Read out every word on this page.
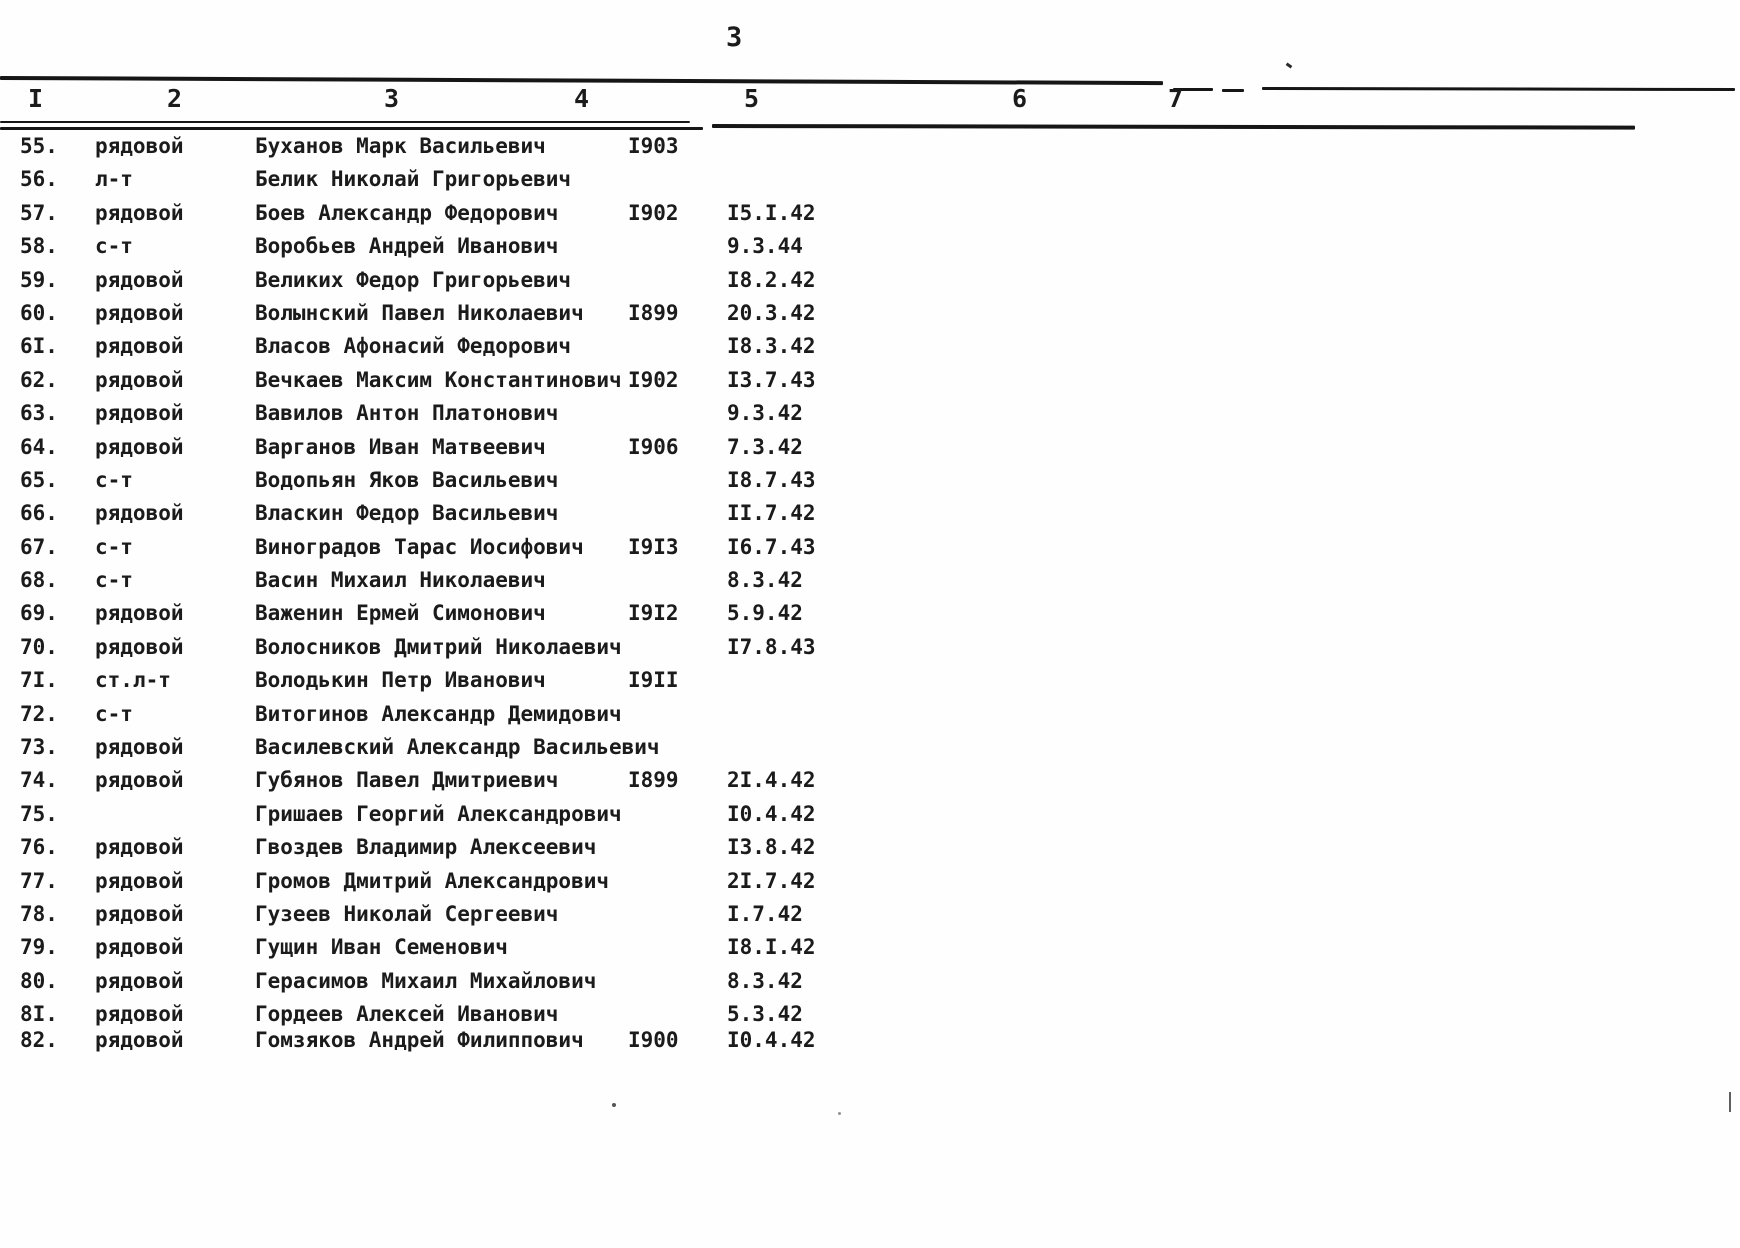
3
I	2	3	4	5	6	7
55. рядовой	Буханов Марк Васильевич	I903
56. л-т	Белик Николай Григорьевич
57. рядовой	Боев Александр Федорович	I902 I5.I.42
58. с-т	Воробьев Андрей Иванович	9.3.44
59. рядовой	Великих Федор Григорьевич	I8.2.42
60. рядовой	Волынский Павел Николаевич I899 20.3.42
6I. рядовой	Власов Афонасий Федорович	I8.3.42
62. рядовой	Вечкаев Максим Константинович I902 I3.7.43
63. рядовой	Вавилов Антон Платонович	9.3.42
64. рядовой	Варганов Иван Матвеевич	I906 7.3.42
65. с-т	Водопьян Яков Васильевич	I8.7.43
66. рядовой	Власкин Федор Васильевич	II.7.42
67. с-т	Виноградов Тарас Иосифович I9I3 I6.7.43
68. с-т	Васин Михаил Николаевич	8.3.42
69. рядовой	Важенин Ермей Симонович	I9I2 5.9.42
70. рядовой	Волосников Дмитрий Николаевич	I7.8.43
7I. ст.л-т	Володькин Петр Иванович	I9II
72. с-т	Витогинов Александр Демидович
73. рядовой	Василевский Александр Васильевич
74. рядовой	Губянов Павел Дмитриевич	I899 2I.4.42
75.	Гришаев Георгий Александрович	I0.4.42
76. рядовой	Гвоздев Владимир Алексеевич	I3.8.42
77. рядовой	Громов Дмитрий Александрович	2I.7.42
78. рядовой	Гузеев Николай Сергеевич	I.7.42
79. рядовой	Гущин Иван Семенович	I8.I.42
80. рядовой	Герасимов Михаил Михайлович	8.3.42
8I. рядовой	Гордеев Алексей Иванович	5.3.42
82. рядовой	Гомзяков Андрей Филиппович I900 I0.4.42
